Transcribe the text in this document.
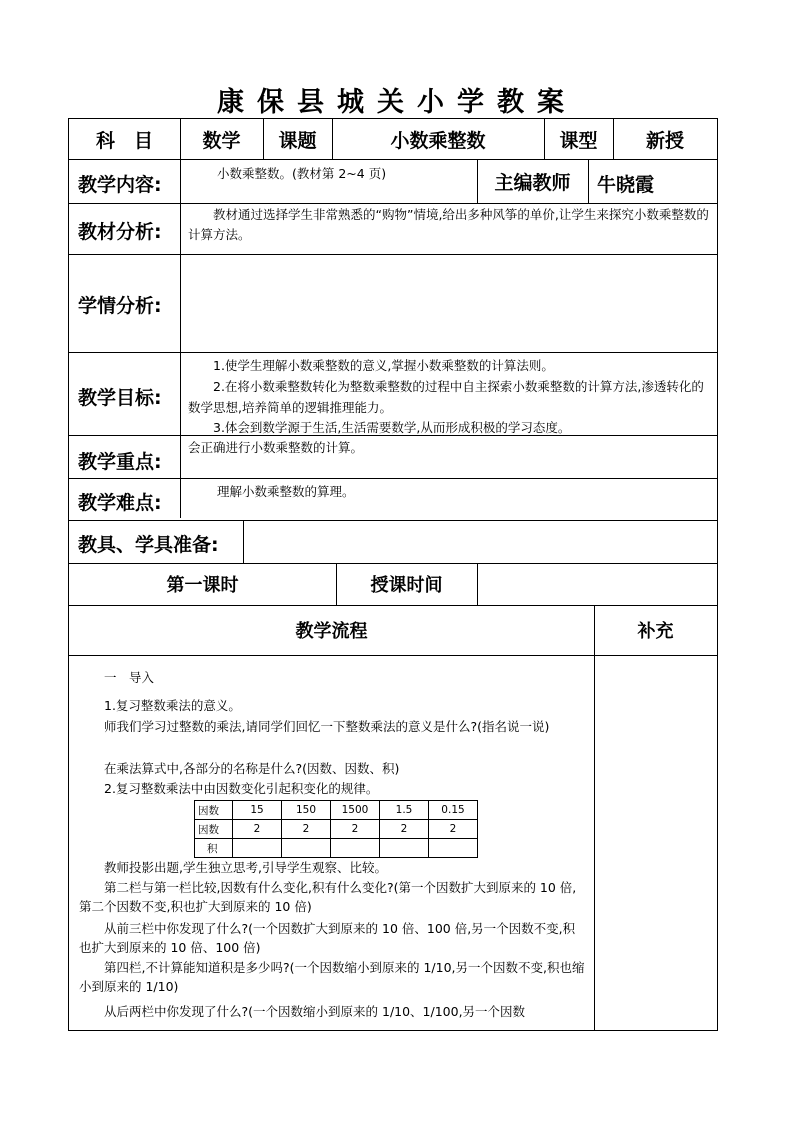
康保县城关小学教案
科　目	数学	课题	小数乘整数	课型	新授
教学内容:
小数乘整数。(教材第 2~4 页)	主编教师	牛晓霞
教材分析:
教材通过选择学生非常熟悉的“购物”情境,给出多种风筝的单价,让学生来探究小数乘整数的计算方法。
学情分析:
教学目标:
1.使学生理解小数乘整数的意义,掌握小数乘整数的计算法则。
2.在将小数乘整数转化为整数乘整数的过程中自主探索小数乘整数的计算方法,渗透转化的数学思想,培养简单的逻辑推理能力。
3.体会到数学源于生活,生活需要数学,从而形成积极的学习态度。
教学重点:
会正确进行小数乘整数的计算。
教学难点:
理解小数乘整数的算理。
教具、学具准备:
第一课时	授课时间
教学流程	补充
一　导入
1.复习整数乘法的意义。
师我们学习过整数的乘法,请同学们回忆一下整数乘法的意义是什么?(指名说一说)
在乘法算式中,各部分的名称是什么?(因数、因数、积)
2.复习整数乘法中由因数变化引起积变化的规律。
因数	15	150	1500	1.5	0.15
因数	2	2	2	2	2
积					
教师投影出题,学生独立思考,引导学生观察、比较。
第二栏与第一栏比较,因数有什么变化,积有什么变化?(第一个因数扩大到原来的 10 倍,第二个因数不变,积也扩大到原来的 10 倍)
从前三栏中你发现了什么?(一个因数扩大到原来的 10 倍、100 倍,另一个因数不变,积也扩大到原来的 10 倍、100 倍)
第四栏,不计算能知道积是多少吗?(一个因数缩小到原来的 1/10,另一个因数不变,积也缩小到原来的 1/10)
从后两栏中你发现了什么?(一个因数缩小到原来的 1/10、1/100,另一个因数
